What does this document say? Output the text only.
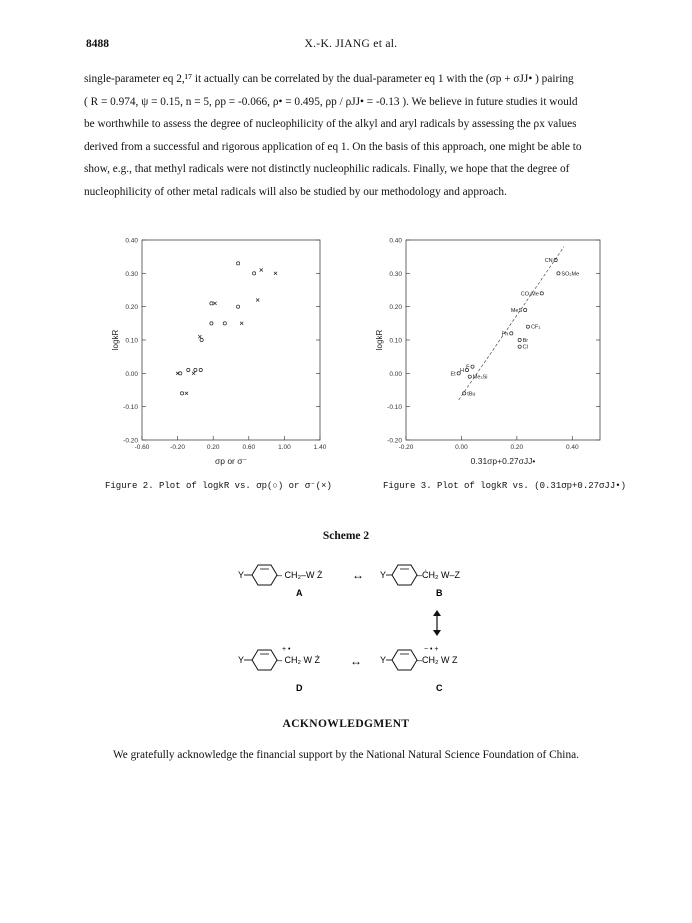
8488	X.-K. JIANG et al.
single-parameter eq 2,¹⁷ it actually can be correlated by the dual-parameter eq 1 with the (σp + σJJ• ) pairing
( R = 0.974, ψ = 0.15, n = 5, ρp = -0.066, ρ• = 0.495, ρp / ρJJ• = -0.13 ). We believe in future studies it would
be worthwhile to assess the degree of nucleophilicity of the alkyl and aryl radicals by assessing the ρx values
derived from a successful and rigorous application of eq 1. On the basis of this approach, one might be able to
show, e.g., that methyl radicals were not distinctly nucleophilic radicals. Finally, we hope that the degree of
nucleophilicity of other metal radicals will also be studied by our methodology and approach.
0.40
0.30
0.20
0.10
0.00
-0.10
-0.20
-0.60	-0.20	0.20	0.60	1.00	1.40
logkR
σp or σ⁻
0.40
0.30
0.20
0.10
0.00
-0.10
-0.20
-0.20	0.00	0.20	0.40
logkR
0.31σp+0.27σJJ•
CN
SO₂Me
CO₂Me
MeS
CF₃
Ph
Br
Cl
F
H
Et
Me₃Si
tBu
Figure 2. Plot of logkR vs. σp(○) or σ⁻(×)	Figure 3. Plot of logkR vs. (0.31σp+0.27σJJ•)
Scheme 2
Y	– CH₂–W Ż
A
↔ Y	–ĊH₂ W–Z
B
+ •
Y	– CH₂ W Ż
D
↔
− • +
Y	–CH₂ W Z
C
ACKNOWLEDGMENT
We gratefully acknowledge the financial support by the National Natural Science Foundation of China.
